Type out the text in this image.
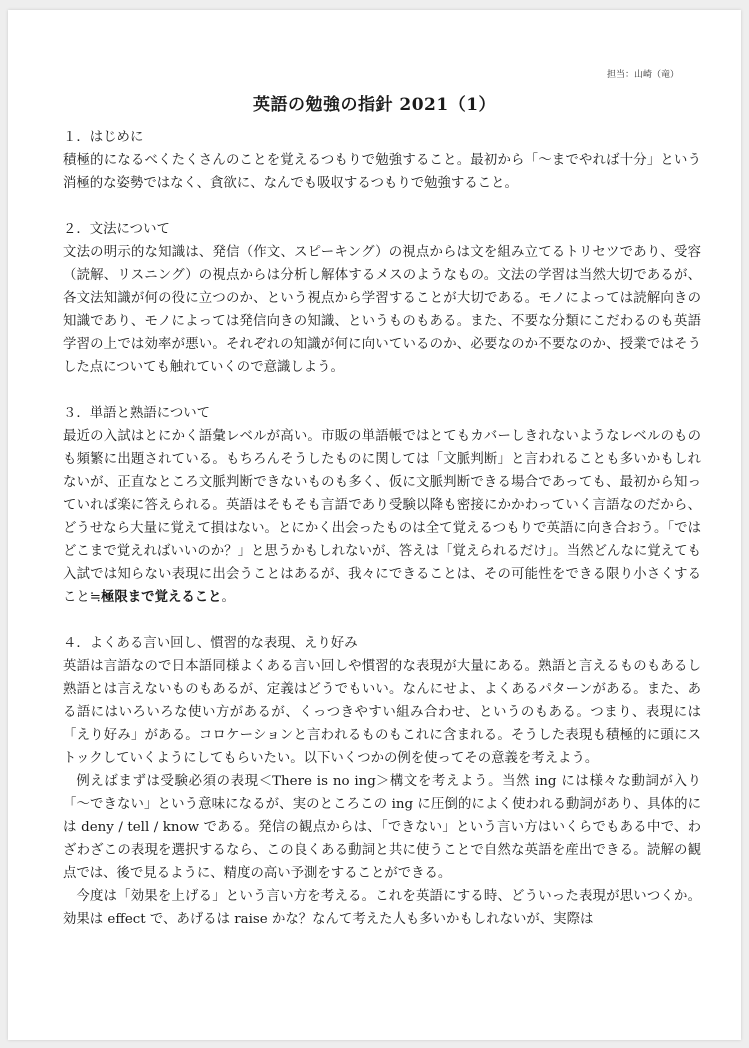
担当：山崎（竜）
英語の勉強の指針 2021（1）

１．はじめに

積極的になるべくたくさんのことを覚えるつもりで勉強すること。最初から「～までやれば十分」という消極的な姿勢ではなく、貪欲に、なんでも吸収するつもりで勉強すること。

２．文法について

文法の明示的な知識は、発信（作文、スピーキング）の視点からは文を組み立てるトリセツであり、受容（読解、リスニング）の視点からは分析し解体するメスのようなもの。文法の学習は当然大切であるが、各文法知識が何の役に立つのか、という視点から学習することが大切である。モノによっては読解向きの知識であり、モノによっては発信向きの知識、というものもある。また、不要な分類にこだわるのも英語学習の上では効率が悪い。それぞれの知識が何に向いているのか、必要なのか不要なのか、授業ではそうした点についても触れていくので意識しよう。

３．単語と熟語について

最近の入試はとにかく語彙レベルが高い。市販の単語帳ではとてもカバーしきれないようなレベルのものも頻繁に出題されている。もちろんそうしたものに関しては「文脈判断」と言われることも多いかもしれないが、正直なところ文脈判断できないものも多く、仮に文脈判断できる場合であっても、最初から知っていれば楽に答えられる。英語はそもそも言語であり受験以降も密接にかかわっていく言語なのだから、どうせなら大量に覚えて損はない。とにかく出会ったものは全て覚えるつもりで英語に向き合おう。「ではどこまで覚えればいいのか？」と思うかもしれないが、答えは「覚えられるだけ」。当然どんなに覚えても入試では知らない表現に出会うことはあるが、我々にできることは、その可能性をできる限り小さくすること≒極限まで覚えること。

４．よくある言い回し、慣習的な表現、えり好み

英語は言語なので日本語同様よくある言い回しや慣習的な表現が大量にある。熟語と言えるものもあるし熟語とは言えないものもあるが、定義はどうでもいい。なんにせよ、よくあるパターンがある。また、ある語にはいろいろな使い方があるが、くっつきやすい組み合わせ、というのもある。つまり、表現には「えり好み」がある。コロケーションと言われるものもこれに含まれる。そうした表現も積極的に頭にストックしていくようにしてもらいたい。以下いくつかの例を使ってその意義を考えよう。

例えばまずは受験必須の表現＜There is no ing＞構文を考えよう。当然 ing には様々な動詞が入り「～できない」という意味になるが、実のところこの ing に圧倒的によく使われる動詞があり、具体的には deny / tell / know である。発信の観点からは、「できない」という言い方はいくらでもある中で、わざわざこの表現を選択するなら、この良くある動詞と共に使うことで自然な英語を産出できる。読解の観点では、後で見るように、精度の高い予測をすることができる。

今度は「効果を上げる」という言い方を考える。これを英語にする時、どういった表現が思いつくか。効果は effect で、あげるは raise かな？なんて考えた人も多いかもしれないが、実際は
